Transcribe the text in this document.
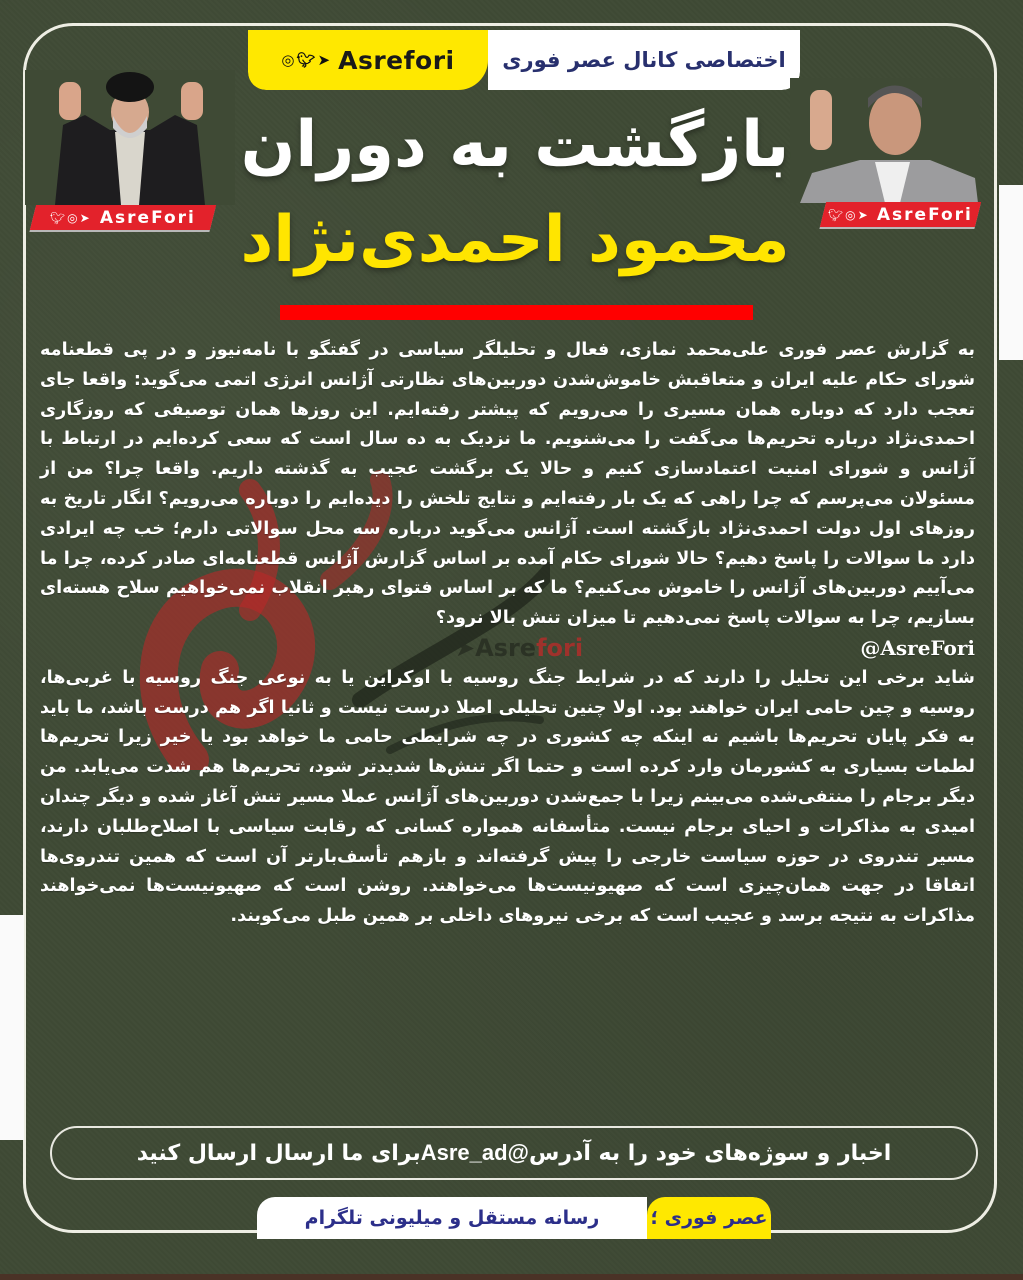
◎ 🐦︎ ➤ Asrefori اختصاصی کانال عصر فوری
🐦︎◎➤ AsreFori	🐦︎◎➤ AsreFori
بازگشت به دوران
محمود احمدی‌نژاد

به گزارش عصر فوری علی‌محمد نمازی، فعال و تحلیلگر سیاسی در گفتگو با نامه‌نیوز و در پی قطعنامه شورای حکام علیه ایران و متعاقبش خاموش‌شدن دوربین‌های نظارتی آژانس انرژی اتمی می‌گوید: واقعا جای تعجب دارد که دوباره همان مسیری را می‌رویم که پیشتر رفته‌ایم. این روزها همان توصیفی که روزگاری احمدی‌نژاد درباره تحریم‌ها می‌گفت را می‌شنویم. ما نزدیک به ده سال است که سعی کرده‌ایم در ارتباط با آژانس و شورای امنیت اعتمادسازی کنیم و حالا یک برگشت عجیب به گذشته داریم. واقعا چرا؟ من از مسئولان می‌پرسم که چرا راهی که یک بار رفته‌ایم و نتایج تلخش را دیده‌ایم را دوباره می‌رویم؟ انگار تاریخ به روزهای اول دولت احمدی‌نژاد بازگشته است. آژانس می‌گوید درباره سه محل سوالاتی دارم؛ خب چه ایرادی دارد ما سوالات را پاسخ دهیم؟ حالا شورای حکام آمده بر اساس گزارش آژانس قطعنامه‌ای صادر کرده، چرا ما می‌آییم دوربین‌های آژانس را خاموش می‌کنیم؟ ما که بر اساس فتوای رهبر انقلاب نمی‌خواهیم سلاح هسته‌ای بسازیم، چرا به سوالات پاسخ نمی‌دهیم تا میزان تنش بالا نرود؟

➤Asrefori	@AsreFori

شاید برخی این تحلیل را دارند که در شرایط جنگ روسیه با اوکراین یا به نوعی جنگ روسیه با غربی‌ها، روسیه و چین حامی ایران خواهند بود. اولا چنین تحلیلی اصلا درست نیست و ثانیا اگر هم درست باشد، ما باید به فکر پایان تحریم‌ها باشیم نه اینکه چه کشوری در چه شرایطی حامی ما خواهد بود یا خیر زیرا تحریم‌ها لطمات بسیاری به کشورمان وارد کرده است و حتما اگر تنش‌ها شدیدتر شود، تحریم‌ها هم شدت می‌یابد. من دیگر برجام را منتفی‌شده می‌بینم زیرا با جمع‌شدن دوربین‌های آژانس عملا مسیر تنش آغاز شده و دیگر چندان امیدی به مذاکرات و احیای برجام نیست. متأسفانه همواره کسانی که رقابت سیاسی با اصلاح‌طلبان دارند، مسیر تندروی در حوزه سیاست خارجی را پیش گرفته‌اند و بازهم تأسف‌بارتر آن است که همین تندروی‌ها اتفاقا در جهت همان‌چیزی است که صهیونیست‌ها می‌خواهند. روشن است که صهیونیست‌ها نمی‌خواهند مذاکرات به نتیجه برسد و عجیب است که برخی نیروهای داخلی بر همین طبل می‌کوبند.

اخبار و سوژه‌های خود را به آدرس
Asre_ad@
برای ما ارسال ارسال کنید
عصر فوری ؛
رسانه مستقل و میلیونی تلگرام
